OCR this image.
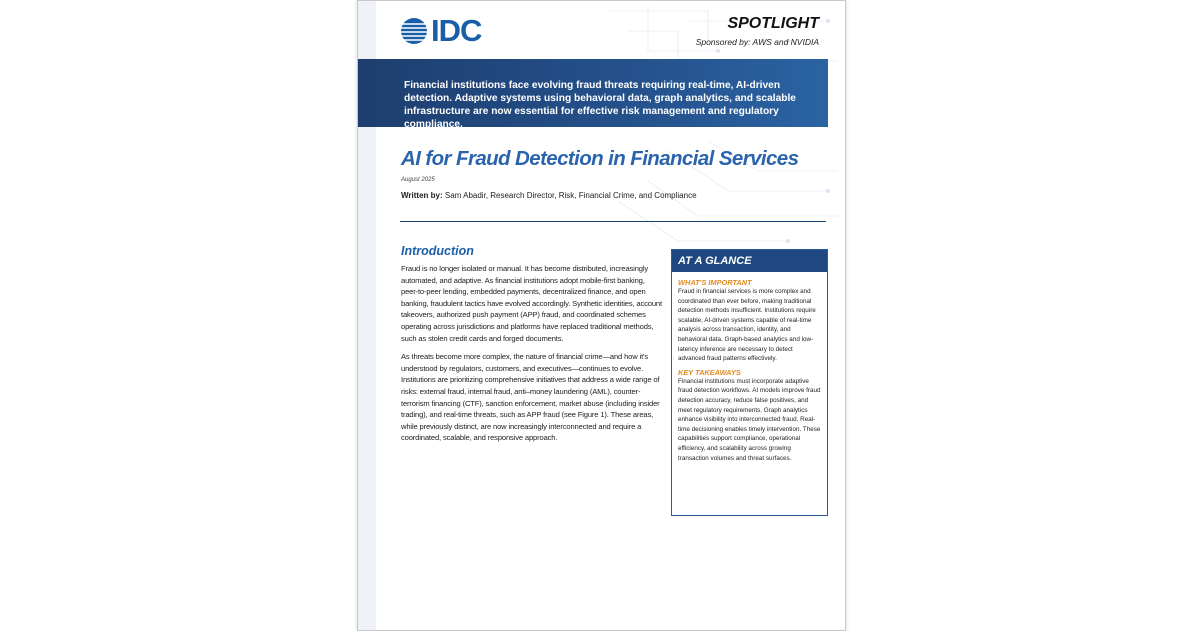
IDC	SPOTLIGHT
Sponsored by: AWS and NVIDIA
Financial institutions face evolving fraud threats requiring real-time, AI-driven detection. Adaptive systems using behavioral data, graph analytics, and scalable infrastructure are now essential for effective risk management and regulatory compliance.
AI for Fraud Detection in Financial Services
August 2025
Written by: Sam Abadir, Research Director, Risk, Financial Crime, and Compliance
Introduction

Fraud is no longer isolated or manual. It has become distributed, increasingly automated, and adaptive. As financial institutions adopt mobile-first banking, peer-to-peer lending, embedded payments, decentralized finance, and open banking, fraudulent tactics have evolved accordingly. Synthetic identities, account takeovers, authorized push payment (APP) fraud, and coordinated schemes operating across jurisdictions and platforms have replaced traditional methods, such as stolen credit cards and forged documents.

As threats become more complex, the nature of financial crime—and how it's understood by regulators, customers, and executives—continues to evolve. Institutions are prioritizing comprehensive initiatives that address a wide range of risks: external fraud, internal fraud, anti–money laundering (AML), counter-terrorism financing (CTF), sanction enforcement, market abuse (including insider trading), and real-time threats, such as APP fraud (see Figure 1). These areas, while previously distinct, are now increasingly interconnected and require a coordinated, scalable, and responsive approach.

AT A GLANCE
WHAT'S IMPORTANT
Fraud in financial services is more complex and coordinated than ever before, making traditional detection methods insufficient. Institutions require scalable, AI-driven systems capable of real-time analysis across transaction, identity, and behavioral data. Graph-based analytics and low-latency inference are necessary to detect advanced fraud patterns effectively.
KEY TAKEAWAYS
Financial institutions must incorporate adaptive fraud detection workflows. AI models improve fraud detection accuracy, reduce false positives, and meet regulatory requirements. Graph analytics enhance visibility into interconnected fraud. Real-time decisioning enables timely intervention. These capabilities support compliance, operational efficiency, and scalability across growing transaction volumes and threat surfaces.
